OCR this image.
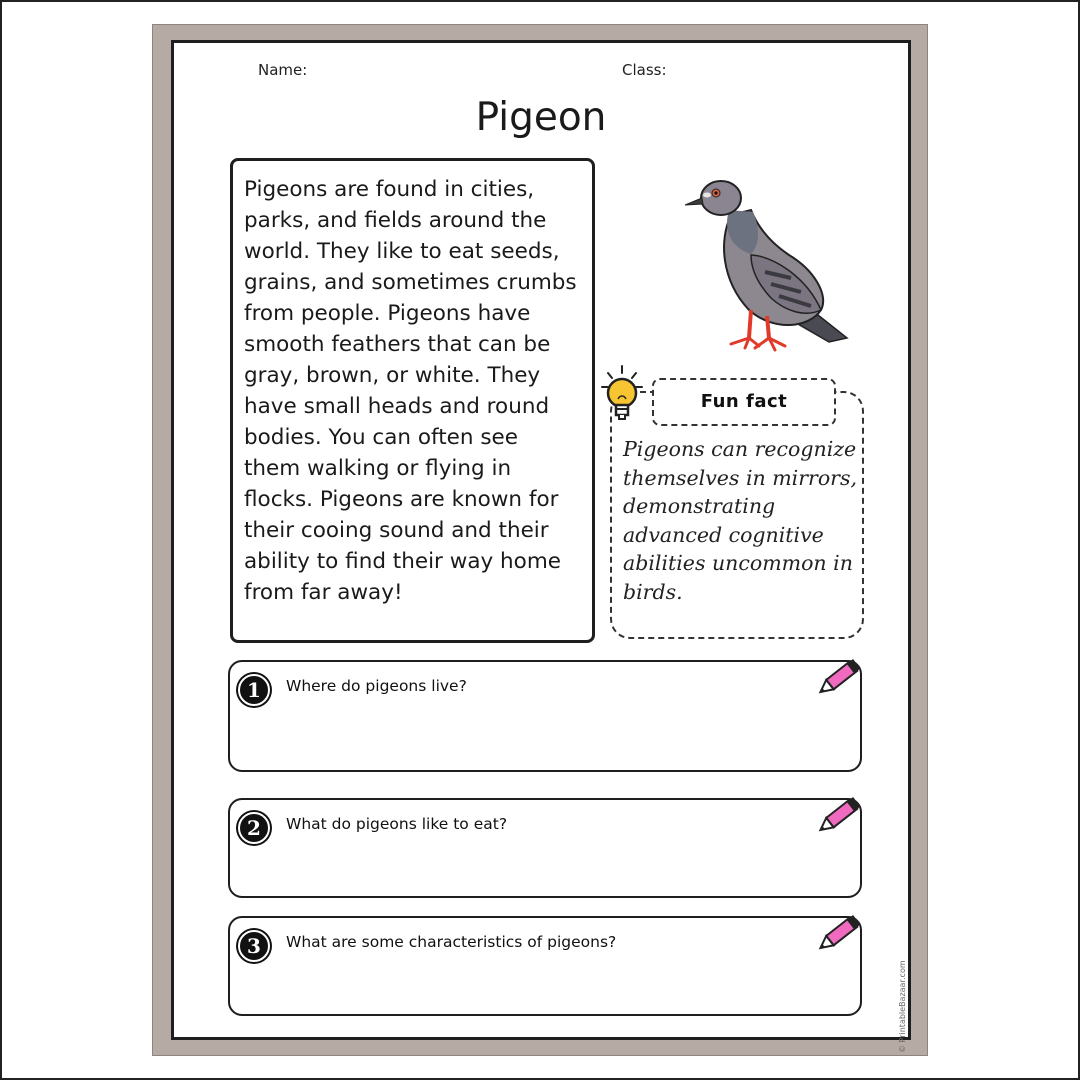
Name:	Class:
Pigeon
Pigeons are found in cities, parks, and fields around the world. They like to eat seeds, grains, and sometimes crumbs from people. Pigeons have smooth feathers that can be gray, brown, or white. They have small heads and round bodies. You can often see them walking or flying in flocks. Pigeons are known for their cooing sound and their ability to find their way home from far away!
Fun fact
Pigeons can recognize themselves in mirrors, demonstrating advanced cognitive abilities uncommon in birds.
1	Where do pigeons live?
2	What do pigeons like to eat?
3	What are some characteristics of pigeons?
© PrintableBazaar.com
